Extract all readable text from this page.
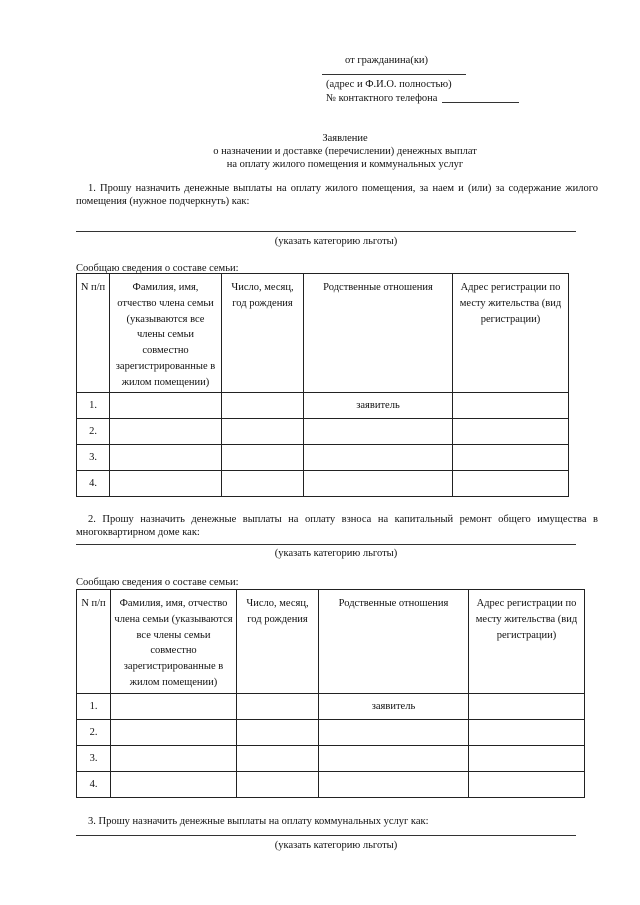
от гражданина(ки)
(адрес и Ф.И.О. полностью)
№ контактного телефона
Заявление
о назначении и доставке (перечислении) денежных выплат
на оплату жилого помещения и коммунальных услуг
1. Прошу назначить денежные выплаты на оплату жилого помещения, за наем и (или) за содержание жилого помещения (нужное подчеркнуть) как:
(указать категорию льготы)
Сообщаю сведения о составе семьи:
N п/п	Фамилия, имя, отчество члена семьи (указываются все члены семьи совместно зарегистрированные в жилом помещении)	Число, месяц, год рождения	Родственные отношения	Адрес регистрации по месту жительства (вид регистрации)
1.			заявитель	
2.				
3.				
4.				
2. Прошу назначить денежные выплаты на оплату взноса на капитальный ремонт общего имущества в многоквартирном доме как:
(указать категорию льготы)
Сообщаю сведения о составе семьи:
N п/п	Фамилия, имя, отчество члена семьи (указываются все члены семьи совместно зарегистрированные в жилом помещении)	Число, месяц, год рождения	Родственные отношения	Адрес регистрации по месту жительства (вид регистрации)
1.			заявитель	
2.				
3.				
4.				
3. Прошу назначить денежные выплаты на оплату коммунальных услуг как:
(указать категорию льготы)
